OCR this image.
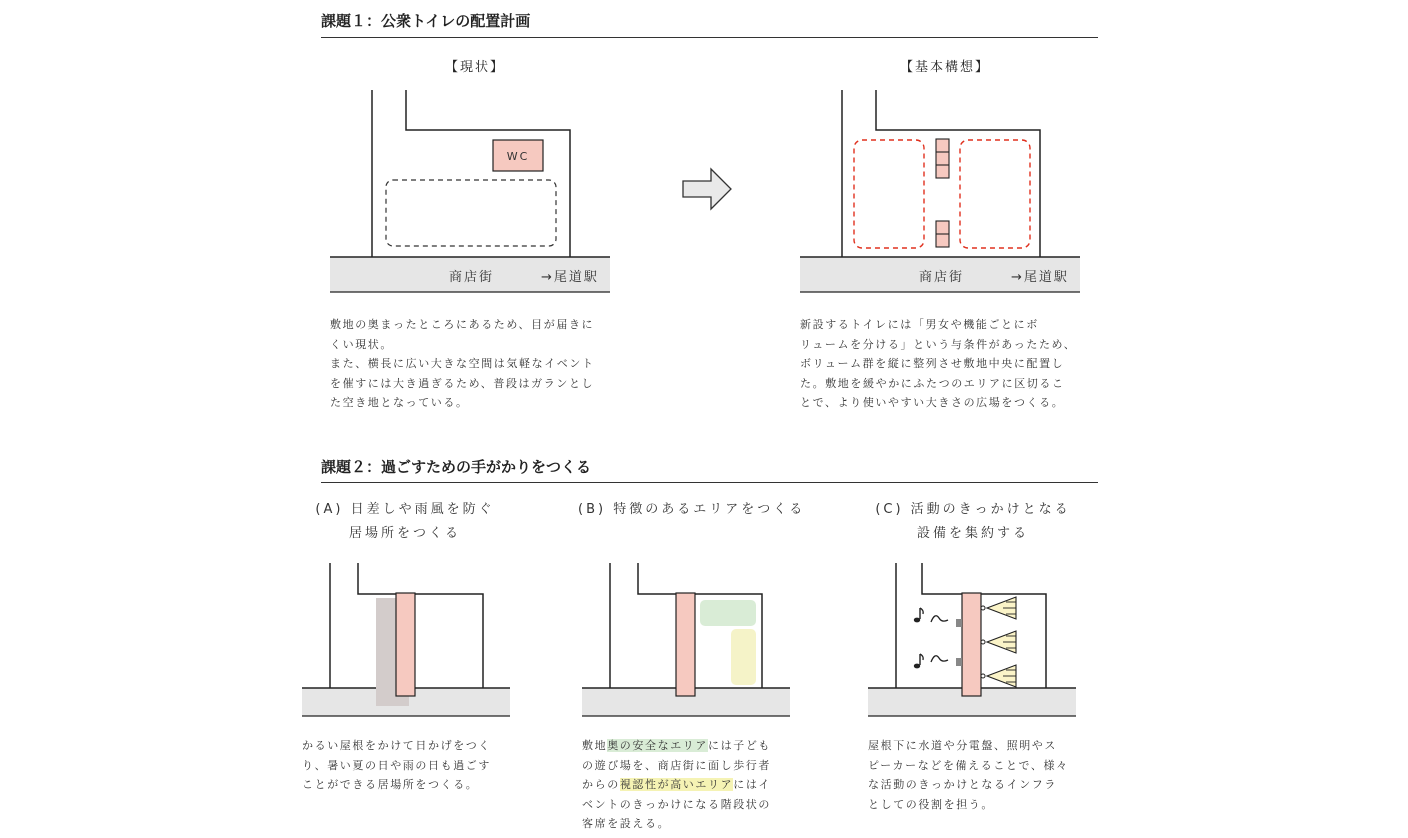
課題１：公衆トイレの配置計画
【現状】	【基本構想】
WC
商店街	→尾道駅	商店街	→尾道駅
敷地の奥まったところにあるため、目が届きに
くい現状。
また、横長に広い大きな空間は気軽なイベント
を催すには大き過ぎるため、普段はガランとし
た空き地となっている。
新設するトイレには「男女や機能ごとにボ
リュームを分ける」という与条件があったため、
ボリューム群を縦に整列させ敷地中央に配置し
た。敷地を緩やかにふたつのエリアに区切るこ
とで、より使いやすい大きさの広場をつくる。
課題２：過ごすための手がかりをつくる
(A) 日差しや雨風を防ぐ
居場所をつくる
かるい屋根をかけて日かげをつく
り、暑い夏の日や雨の日も過ごす
ことができる居場所をつくる。
(B) 特徴のあるエリアをつくる
敷地奥の安全なエリアには子ども
の遊び場を、商店街に面し歩行者
からの視認性が高いエリアにはイ
ベントのきっかけになる階段状の
客席を設える。
(C) 活動のきっかけとなる
設備を集約する
屋根下に水道や分電盤、照明やス
ピーカーなどを備えることで、様々
な活動のきっかけとなるインフラ
としての役割を担う。
